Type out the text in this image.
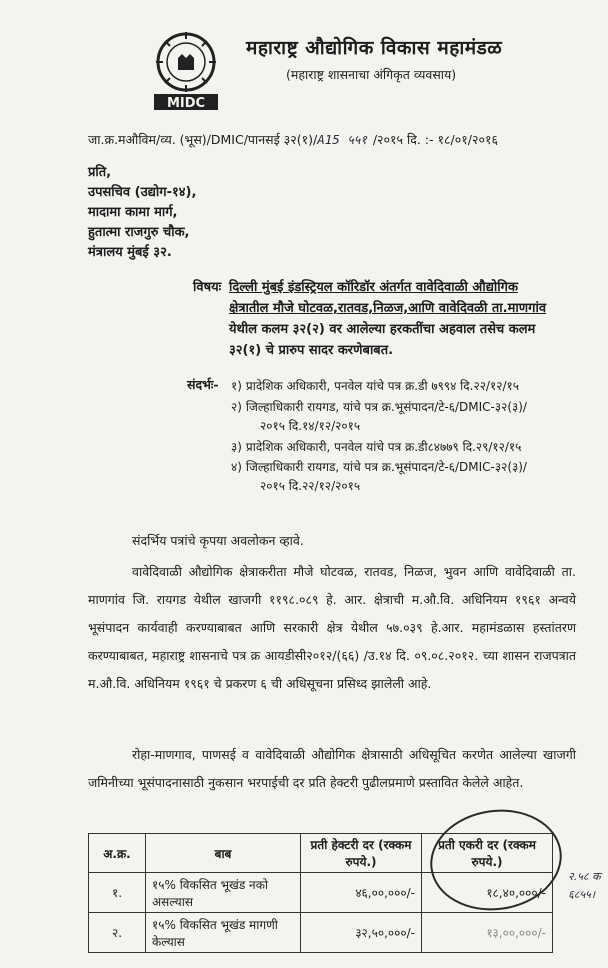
MIDC
महाराष्ट्र औद्योगिक विकास महामंडळ
(महाराष्ट्र शासनाचा अंगिकृत व्यवसाय)
जा.क्र.मऔविम/व्य. (भूस)/DMIC/पानसई ३२(१)/A15 ५५१ /२०१५ दि. :- १८/०१/२०१६
प्रति,
उपसचिव (उद्योग-१४),
मादामा कामा मार्ग,
हुतात्मा राजगुरु चौक,
मंत्रालय मुंबई ३२.
विषयः दिल्ली मुंबई इंडस्ट्रियल कॉरिडॉर अंतर्गत वावेदिवाळी औद्योगिक
क्षेत्रातील मौजे घोटवळ,रातवड,निळज,आणि वावेदिवळी ता.माणगांव
येथील कलम ३२(२) वर आलेल्या हरकतींचा अहवाल तसेच कलम
३२(१) चे प्रारुप सादर करणेबाबत.
संदर्भः- १) प्रादेशिक अधिकारी, पनवेल यांचे पत्र क्र.डी ७९९४ दि.२२/१२/१५
२) जिल्हाधिकारी रायगड, यांचे पत्र क्र.भूसंपादन/टे-६/DMIC-३२(३)/
२०१५ दि.१४/१२/२०१५
३) प्रादेशिक अधिकारी, पनवेल यांचे पत्र क्र.डी८४७७९ दि.२९/१२/१५
४) जिल्हाधिकारी रायगड, यांचे पत्र क्र.भूसंपादन/टे-६/DMIC-३२(३)/
२०१५ दि.२२/१२/२०१५
संदर्भिय पत्रांचे कृपया अवलोकन व्हावे.
वावेदिवाळी औद्योगिक क्षेत्राकरीता मौजे घोटवळ, रातवड, निळज, भुवन आणि वावेदिवाळी ता. माणगांव जि. रायगड येथील खाजगी ११९८.०८९ हे. आर. क्षेत्राची म.औ.वि. अधिनियम १९६१ अन्वये भूसंपादन कार्यवाही करण्याबाबत आणि सरकारी क्षेत्र येथील ५७.०३९ हे.आर. महामंडळास हस्तांतरण करण्याबाबत, महाराष्ट्र शासनाचे पत्र क्र आयडीसी२०१२/(६६) /उ.१४ दि. ०९.०८.२०१२. च्या शासन राजपत्रात म.औ.वि. अधिनियम १९६१ चे प्रकरण ६ ची अधिसूचना प्रसिध्द झालेली आहे.
रोहा-माणगाव, पाणसई व वावेदिवाळी औद्योगिक क्षेत्रासाठी अधिसूचित करणेत आलेल्या खाजगी जमिनीच्या भूसंपादनासाठी नुकसान भरपाईची दर प्रति हेक्टरी पुढीलप्रमाणे प्रस्तावित केलेले आहेत.
अ.क्र.	बाब	प्रती हेक्टरी दर (रक्कम रुपये.)	प्रती एकरी दर (रक्कम रुपये.)
१.	१५% विकसित भूखंड नको असल्यास	४६,००,०००/-	१८,४०,०००/-
२.	१५% विकसित भूखंड मागणी केल्यास	३२,५०,०००/-	१३,००,०००/-
२.५८ क
६८५५।
